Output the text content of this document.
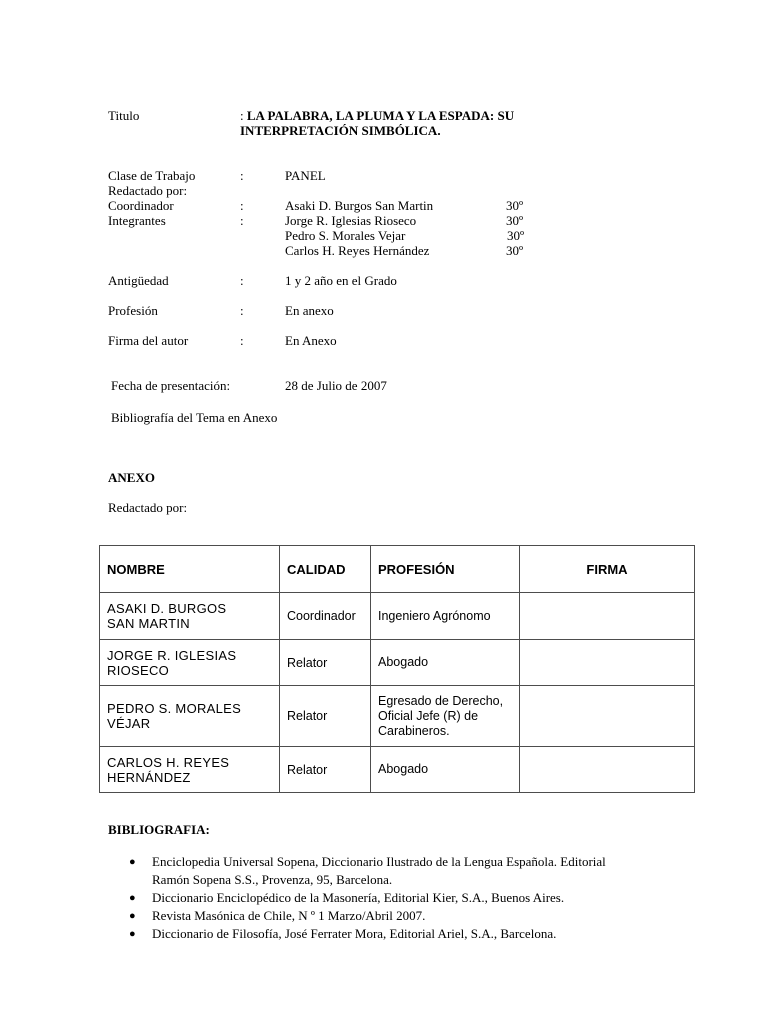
Titulo	: LA PALABRA, LA PLUMA Y LA ESPADA: SU
INTERPRETACIÓN SIMBÓLICA.
Clase de Trabajo	:	PANEL
Redactado por:
Coordinador	:	Asaki D. Burgos San Martin	30º
Integrantes	:	Jorge R. Iglesias Rioseco	30º
Pedro S. Morales Vejar	30º
Carlos H. Reyes Hernández	30º
Antigüedad	:	1 y 2 año en el Grado
Profesión	:	En anexo
Firma del autor	:	En Anexo
Fecha de presentación:	28 de Julio de 2007
Bibliografía del Tema en Anexo
ANEXO
Redactado por:
NOMBRE	CALIDAD	PROFESIÓN	FIRMA
ASAKI D. BURGOS
SAN MARTIN	Coordinador	Ingeniero Agrónomo	
JORGE R. IGLESIAS
RIOSECO	Relator	Abogado	
PEDRO S. MORALES
VÉJAR	Relator	Egresado de Derecho,
Oficial Jefe (R) de
Carabineros.	
CARLOS H. REYES
HERNÁNDEZ	Relator	Abogado	
BIBLIOGRAFIA:
● Enciclopedia Universal Sopena, Diccionario Ilustrado de la Lengua Española. Editorial
Ramón Sopena S.S., Provenza, 95, Barcelona.
● Diccionario Enciclopédico de la Masonería, Editorial Kier, S.A., Buenos Aires.
● Revista Masónica de Chile, N º 1 Marzo/Abril 2007.
● Diccionario de Filosofía, José Ferrater Mora, Editorial Ariel, S.A., Barcelona.
